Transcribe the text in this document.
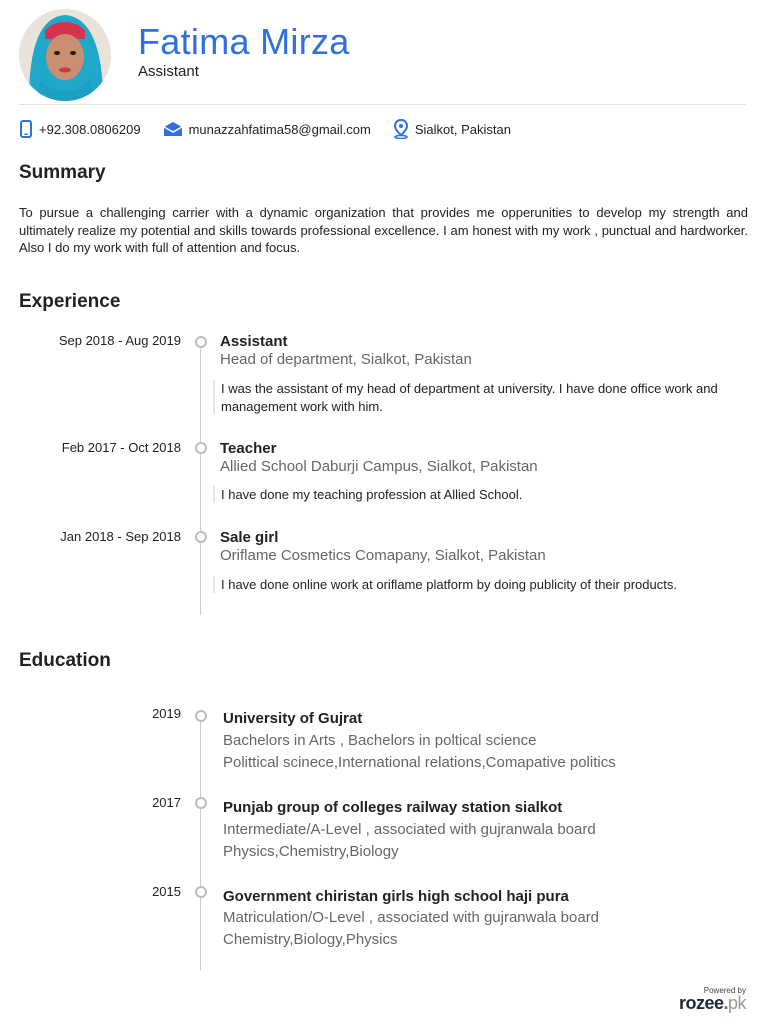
Fatima Mirza
Assistant
+92.308.0806209	munazzahfatima58@gmail.com	Sialkot, Pakistan
Summary
To pursue a challenging carrier with a dynamic organization that provides me opperunities to develop my strength and ultimately realize my potential and skills towards professional excellence. I am honest with my work , punctual and hardworker. Also I do my work with full of attention and focus.
Experience
Sep 2018 - Aug 2019	Assistant
Head of department, Sialkot, Pakistan
I was the assistant of my head of department at university. I have done office work and management work with him.
Feb 2017 - Oct 2018	Teacher
Allied School Daburji Campus, Sialkot, Pakistan
I have done my teaching profession at Allied School.
Jan 2018 - Sep 2018	Sale girl
Oriflame Cosmetics Comapany, Sialkot, Pakistan
I have done online work at oriflame platform by doing publicity of their products.
Education
2019	University of Gujrat
Bachelors in Arts , Bachelors in poltical science
Polittical scinece,International relations,Comapative politics
2017	Punjab group of colleges railway station sialkot
Intermediate/A-Level , associated with gujranwala board
Physics,Chemistry,Biology
2015	Government chiristan girls high school haji pura
Matriculation/O-Level , associated with gujranwala board
Chemistry,Biology,Physics
Powered by
rozee.pk
